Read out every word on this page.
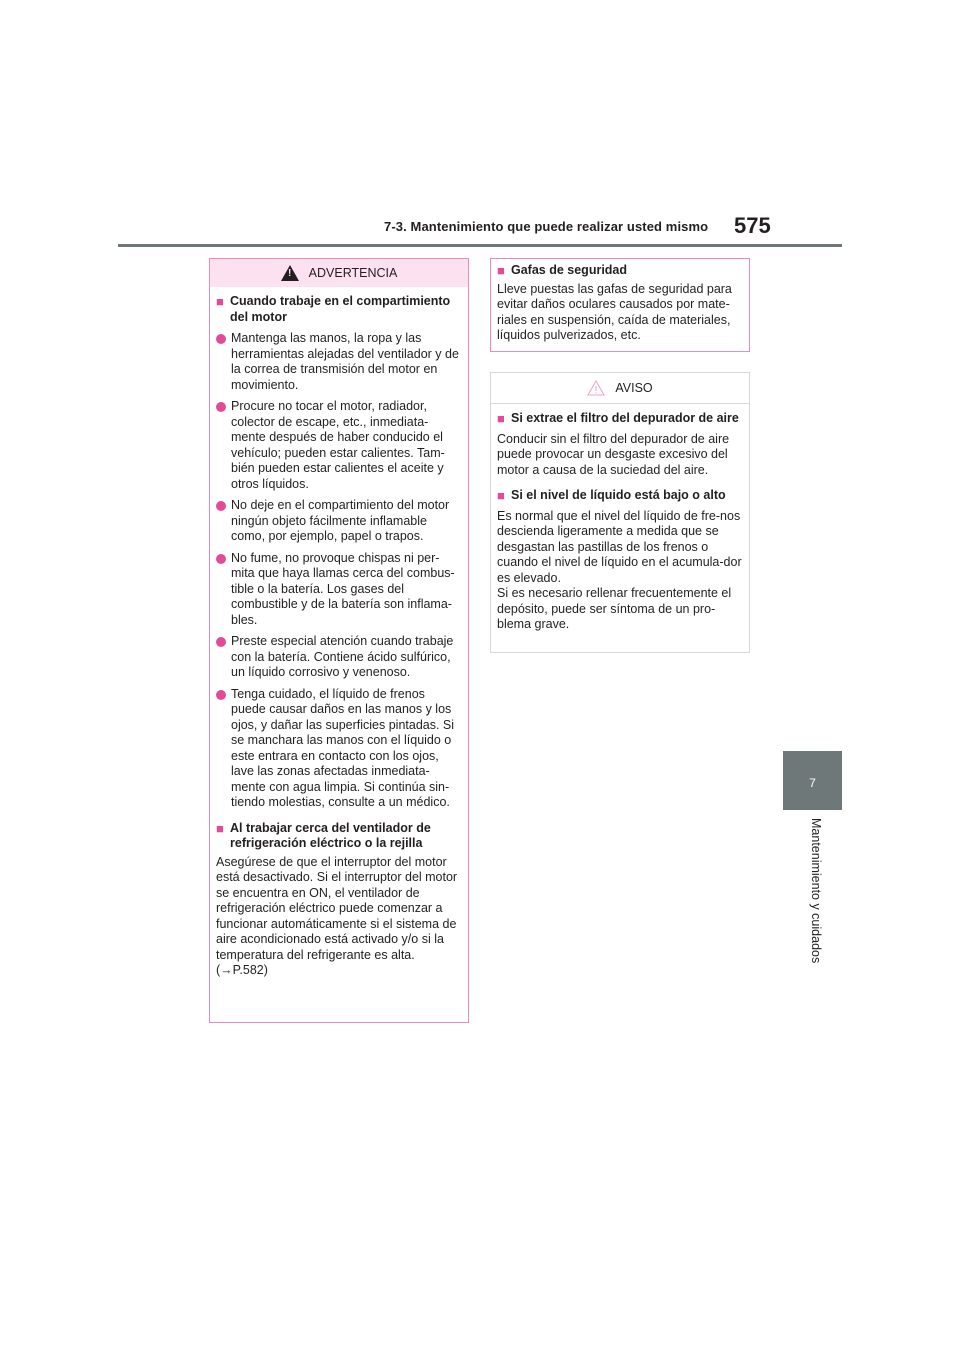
7-3. Mantenimiento que puede realizar usted mismo 575
7
Mantenimiento y cuidados
! ADVERTENCIA
■ Cuando trabaje en el compartimiento del motor
Mantenga las manos, la ropa y las herramientas alejadas del ventilador y de la correa de transmisión del motor en movimiento.
Procure no tocar el motor, radiador, colector de escape, etc., inmediata-mente después de haber conducido el vehículo; pueden estar calientes. Tam-bién pueden estar calientes el aceite y otros líquidos.
No deje en el compartimiento del motor ningún objeto fácilmente inflamable como, por ejemplo, papel o trapos.
No fume, no provoque chispas ni per-mita que haya llamas cerca del combus-tible o la batería. Los gases del combustible y de la batería son inflama-bles.
Preste especial atención cuando trabaje con la batería. Contiene ácido sulfúrico, un líquido corrosivo y venenoso.
Tenga cuidado, el líquido de frenos puede causar daños en las manos y los ojos, y dañar las superficies pintadas. Si se manchara las manos con el líquido o este entrara en contacto con los ojos, lave las zonas afectadas inmediata-mente con agua limpia. Si continúa sin-tiendo molestias, consulte a un médico.
■ Al trabajar cerca del ventilador de refrigeración eléctrico o la rejilla
Asegúrese de que el interruptor del motor está desactivado. Si el interruptor del motor se encuentra en ON, el ventilador de refrigeración eléctrico puede comenzar a funcionar automáticamente si el sistema de aire acondicionado está activado y/o si la temperatura del refrigerante es alta.
(→P.582)
■ Gafas de seguridad
Lleve puestas las gafas de seguridad para evitar daños oculares causados por mate-riales en suspensión, caída de materiales, líquidos pulverizados, etc.
AVISO
■ Si extrae el filtro del depurador de aire
Conducir sin el filtro del depurador de aire puede provocar un desgaste excesivo del motor a causa de la suciedad del aire.
■ Si el nivel de líquido está bajo o alto
Es normal que el nivel del líquido de fre-nos descienda ligeramente a medida que se desgastan las pastillas de los frenos o cuando el nivel de líquido en el acumula-dor es elevado.
Si es necesario rellenar frecuentemente el depósito, puede ser síntoma de un pro-blema grave.
